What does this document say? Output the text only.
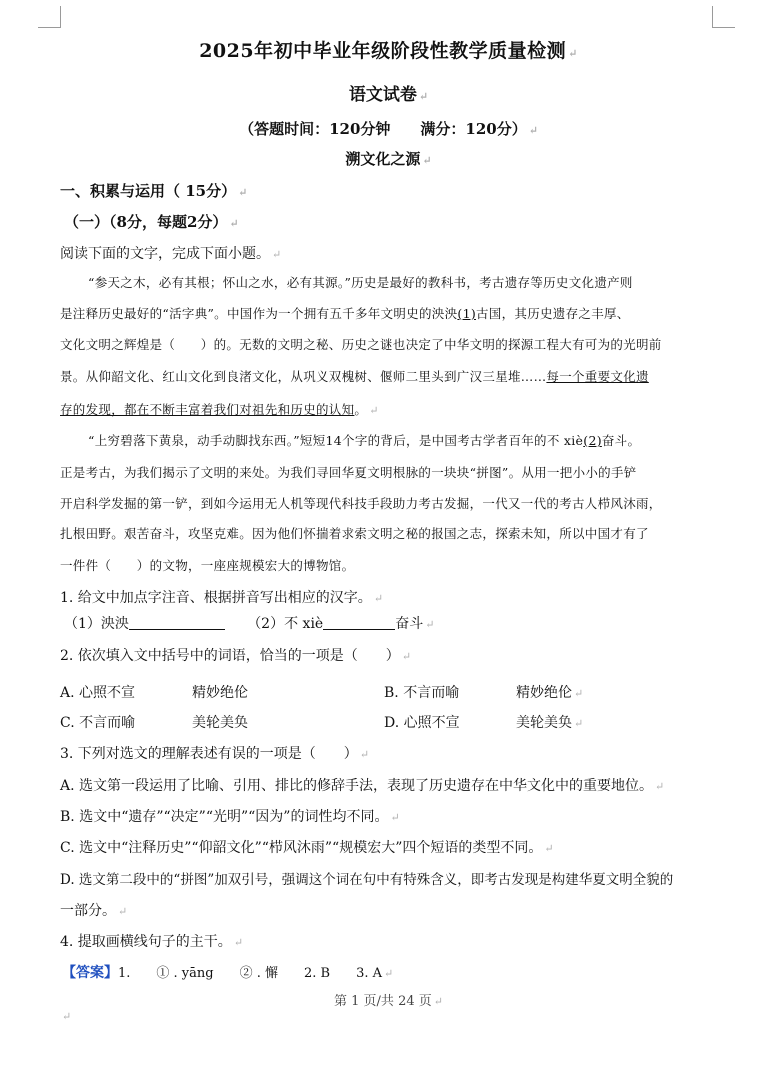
2025年初中毕业年级阶段性教学质量检测 ↵
语文试卷 ↵
（答题时间：120分钟　　满分：120分） ↵
溯文化之源 ↵
一、积累与运用（ 15分） ↵
（一）（8分，每题2分） ↵
阅读下面的文字，完成下面小题。 ↵
“参天之木，必有其根；怀山之水，必有其源。”历史是最好的教科书，考古遗存等历史文化遗产则
是注释历史最好的“活字典”。中国作为一个拥有五千多年文明史的泱泱(1)古国，其历史遗存之丰厚、
文化文明之辉煌是（　　）的。无数的文明之秘、历史之谜也决定了中华文明的探源工程大有可为的光明前
景。从仰韶文化、红山文化到良渚文化，从巩义双槐树、偃师二里头到广汉三星堆……每一个重要文化遗
存的发现，都在不断丰富着我们对祖先和历史的认知。 ↵
“上穷碧落下黄泉，动手动脚找东西。”短短14个字的背后，是中国考古学者百年的不 xiè(2)奋斗。
正是考古，为我们揭示了文明的来处。为我们寻回华夏文明根脉的一块块“拼图”。从用一把小小的手铲
开启科学发掘的第一铲，到如今运用无人机等现代科技手段助力考古发掘，一代又一代的考古人栉风沐雨，
扎根田野。艰苦奋斗，攻坚克难。因为他们怀揣着求索文明之秘的报国之志，探索未知，所以中国才有了
一件件（　　）的文物，一座座规模宏大的博物馆。
1. 给文中加点字注音、根据拼音写出相应的汉字。 ↵
（1）泱泱	（2）不 xiè	奋斗 ↵
2. 依次填入文中括号中的词语，恰当的一项是（　　） ↵
A. 心照不宣	精妙绝伦	B. 不言而喻	精妙绝伦 ↵
C. 不言而喻	美轮美奂	D. 心照不宣	美轮美奂 ↵
3. 下列对选文的理解表述有误的一项是（　　） ↵
A. 选文第一段运用了比喻、引用、排比的修辞手法，表现了历史遗存在中华文化中的重要地位。 ↵
B. 选文中“遗存”“决定”“光明”“因为”的词性均不同。 ↵
C. 选文中“注释历史”“仰韶文化”“栉风沐雨”“规模宏大”四个短语的类型不同。 ↵
D. 选文第二段中的“拼图”加双引号，强调这个词在句中有特殊含义，即考古发现是构建华夏文明全貌的
一部分。 ↵
4. 提取画横线句子的主干。 ↵
【答案】1.　　① . yāng　　② . 懈　　2. B　　3. A ↵
第 1 页/共 24 页 ↵
↵
